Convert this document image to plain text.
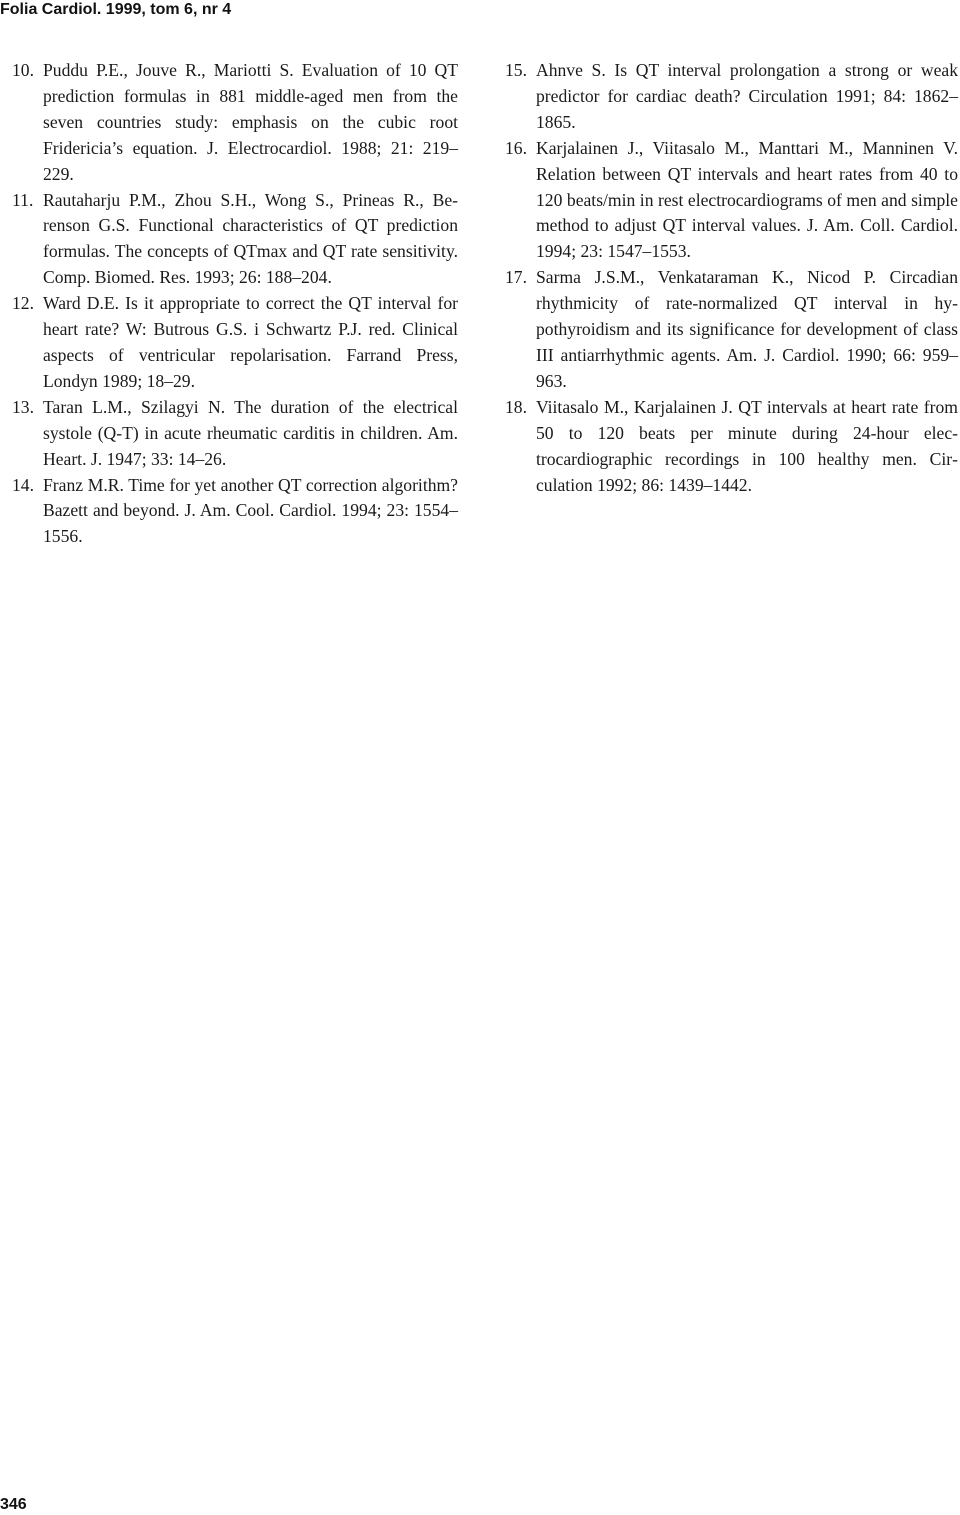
Folia Cardiol. 1999, tom 6, nr 4
10. Puddu P.E., Jouve R., Mariotti S. Evaluation of 10 QT prediction formulas in 881 middle-aged men from the seven countries study: emphasis on the cubic root Fridericia’s equation. J. Electrocardiol. 1988; 21: 219–229.
11. Rautaharju P.M., Zhou S.H., Wong S., Prineas R., Berenson G.S. Functional characteristics of QT prediction formulas. The concepts of QTmax and QT rate sensitivity. Comp. Biomed. Res. 1993; 26: 188–204.
12. Ward D.E. Is it appropriate to correct the QT interval for heart rate? W: Butrous G.S. i Schwartz P.J. red. Clinical aspects of ventricular repolarisation. Farrand Press, Londyn 1989; 18–29.
13. Taran L.M., Szilagyi N. The duration of the electrical systole (Q-T) in acute rheumatic carditis in children. Am. Heart. J. 1947; 33: 14–26.
14. Franz M.R. Time for yet another QT correction algorithm? Bazett and beyond. J. Am. Cool. Cardiol. 1994; 23: 1554–1556.
15. Ahnve S. Is QT interval prolongation a strong or weak predictor for cardiac death? Circulation 1991; 84: 1862–1865.
16. Karjalainen J., Viitasalo M., Manttari M., Manninen V. Relation between QT intervals and heart rates from 40 to 120 beats/min in rest electrocardiograms of men and simple method to adjust QT interval values. J. Am. Coll. Cardiol. 1994; 23: 1547–1553.
17. Sarma J.S.M., Venkataraman K., Nicod P. Circadian rhythmicity of rate-normalized QT interval in hypothyroidism and its significance for development of class III antiarrhythmic agents. Am. J. Cardiol. 1990; 66: 959–963.
18. Viitasalo M., Karjalainen J. QT intervals at heart rate from 50 to 120 beats per minute during 24-hour electrocardiographic recordings in 100 healthy men. Circulation 1992; 86: 1439–1442.
346
